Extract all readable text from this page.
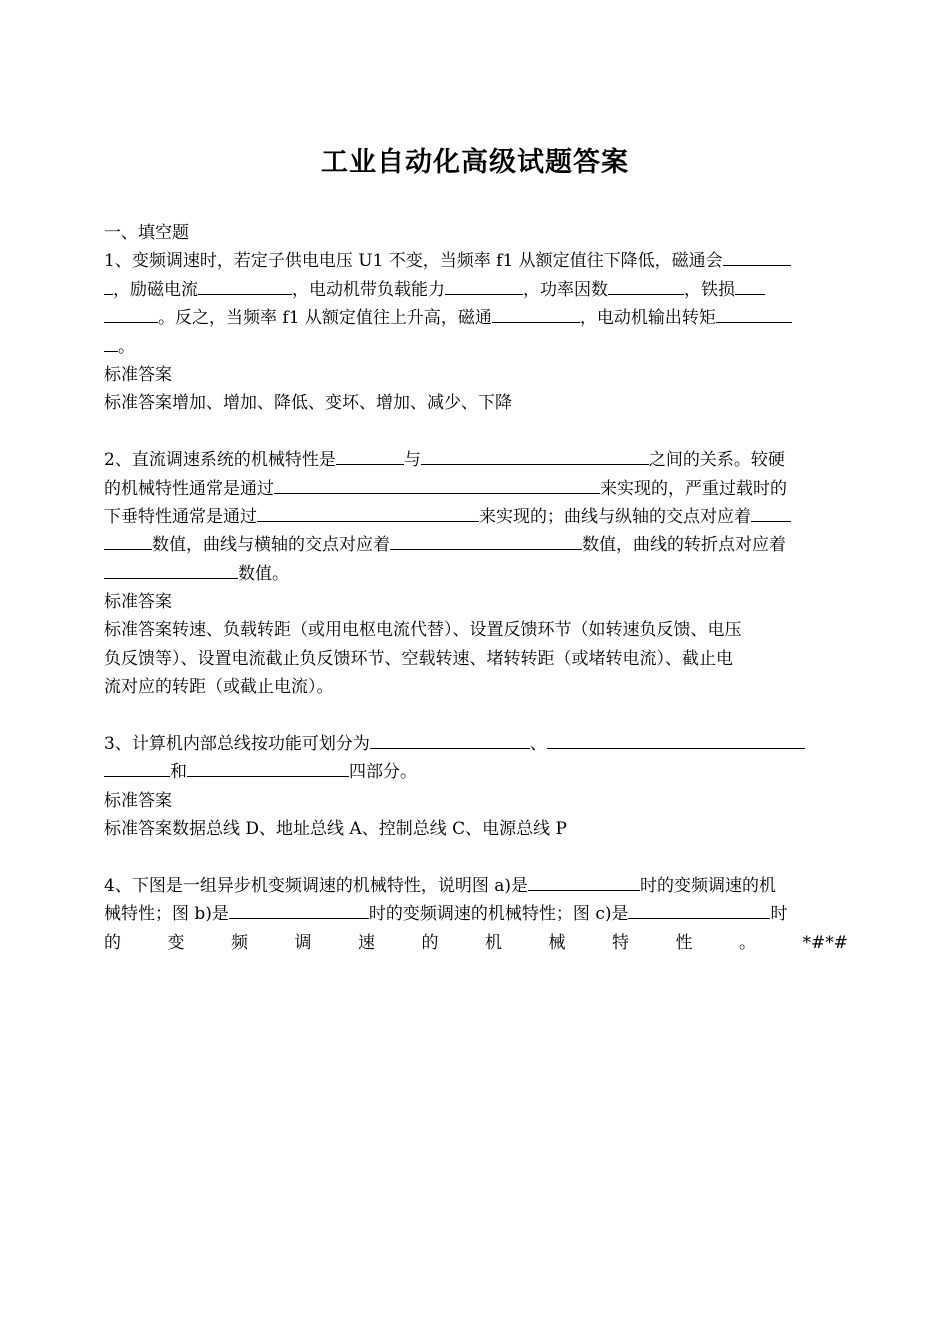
工业自动化高级试题答案
一、填空题
1、变频调速时，若定子供电电压 U1 不变，当频率 f1 从额定值往下降低，磁通会
，励磁电流	，电动机带负载能力	，功率因数	，铁损
。反之，当频率 f1 从额定值往上升高，磁通	，电动机输出转矩
。
标准答案
标准答案增加、增加、降低、变坏、增加、减少、下降
2、直流调速系统的机械特性是	与	之间的关系。较硬
的机械特性通常是通过	来实现的，严重过载时的
下垂特性通常是通过	来实现的；曲线与纵轴的交点对应着
数值，曲线与横轴的交点对应着	数值，曲线的转折点对应着
数值。
标准答案
标准答案转速、负载转距（或用电枢电流代替）、设置反馈环节（如转速负反馈、电压
负反馈等）、设置电流截止负反馈环节、空载转速、堵转转距（或堵转电流）、截止电
流对应的转距（或截止电流）。
3、计算机内部总线按功能可划分为	、
和	四部分。
标准答案
标准答案数据总线 D、地址总线 A、控制总线 C、电源总线 P
4、下图是一组异步机变频调速的机械特性，说明图 a)是	时的变频调速的机
械特性；图 b)是	时的变频调速的机械特性；图 c)是	时
的	变	频	调	速	的	机	械	特	性	。	*#*#
